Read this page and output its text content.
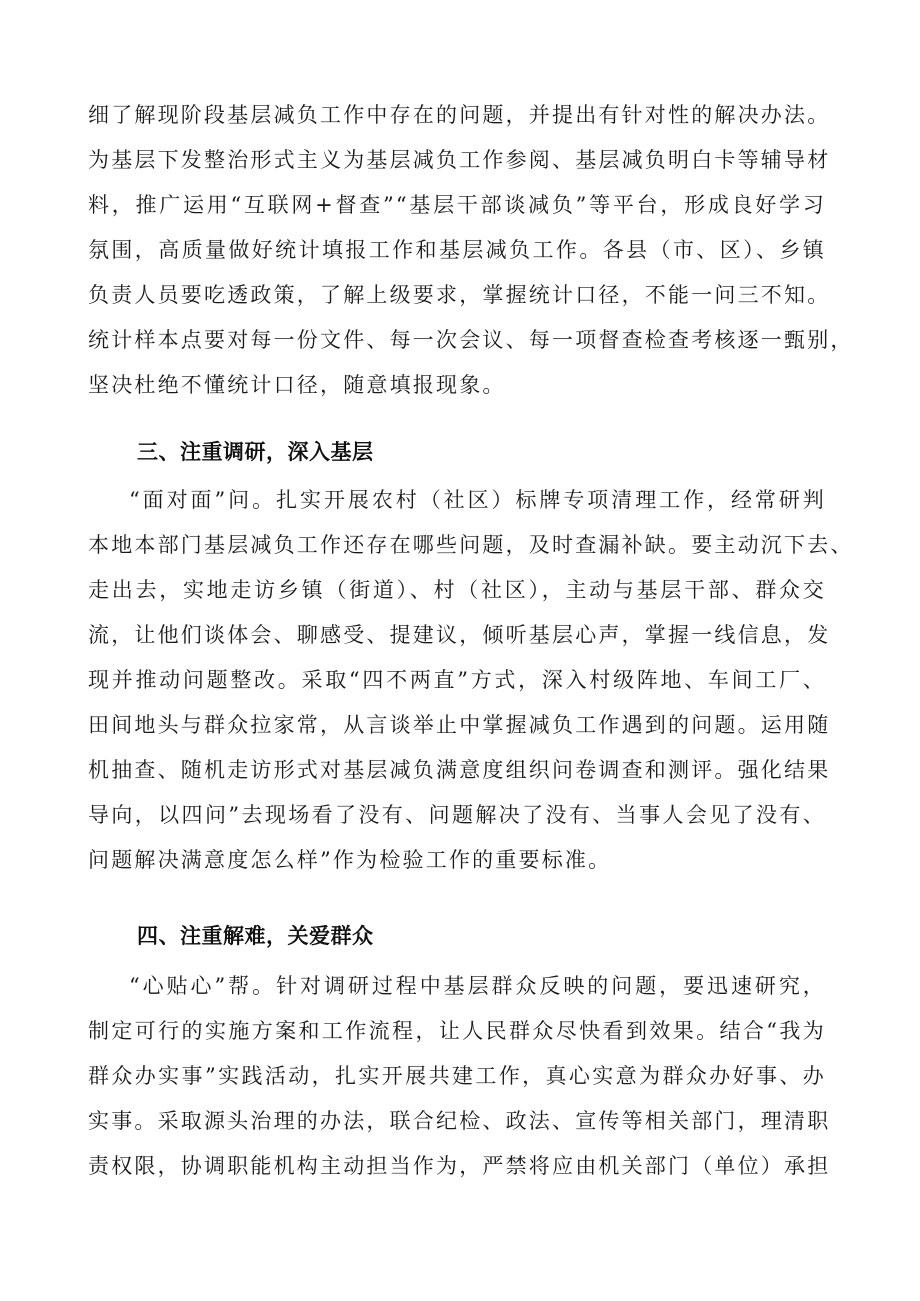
细了解现阶段基层减负工作中存在的问题，并提出有针对性的解决办法。
为基层下发整治形式主义为基层减负工作参阅、基层减负明白卡等辅导材
料，推广运用“互联网+督查”“基层干部谈减负”等平台，形成良好学习
氛围，高质量做好统计填报工作和基层减负工作。各县（市、区）、乡镇
负责人员要吃透政策，了解上级要求，掌握统计口径，不能一问三不知。
统计样本点要对每一份文件、每一次会议、每一项督查检查考核逐一甄别，
坚决杜绝不懂统计口径，随意填报现象。
三、注重调研，深入基层
“面对面”问。扎实开展农村（社区）标牌专项清理工作，经常研判
本地本部门基层减负工作还存在哪些问题，及时查漏补缺。要主动沉下去、
走出去，实地走访乡镇（街道）、村（社区），主动与基层干部、群众交
流，让他们谈体会、聊感受、提建议，倾听基层心声，掌握一线信息，发
现并推动问题整改。采取“四不两直”方式，深入村级阵地、车间工厂、
田间地头与群众拉家常，从言谈举止中掌握减负工作遇到的问题。运用随
机抽查、随机走访形式对基层减负满意度组织问卷调查和测评。强化结果
导向，以四问”去现场看了没有、问题解决了没有、当事人会见了没有、
问题解决满意度怎么样”作为检验工作的重要标准。
四、注重解难，关爱群众
“心贴心”帮。针对调研过程中基层群众反映的问题，要迅速研究，
制定可行的实施方案和工作流程，让人民群众尽快看到效果。结合“我为
群众办实事”实践活动，扎实开展共建工作，真心实意为群众办好事、办
实事。采取源头治理的办法，联合纪检、政法、宣传等相关部门，理清职
责权限，协调职能机构主动担当作为，严禁将应由机关部门（单位）承担
